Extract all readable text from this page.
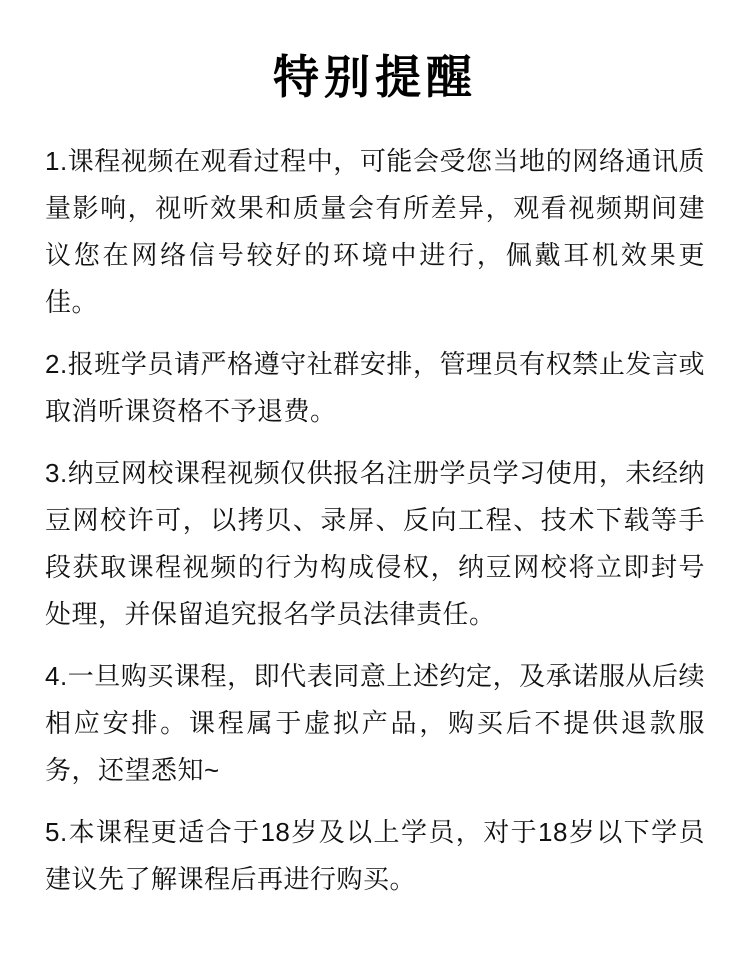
特别提醒

1.课程视频在观看过程中，可能会受您当地的网络通讯质量影响，视听效果和质量会有所差异，观看视频期间建议您在网络信号较好的环境中进行，佩戴耳机效果更佳。

2.报班学员请严格遵守社群安排，管理员有权禁止发言或取消听课资格不予退费。

3.纳豆网校课程视频仅供报名注册学员学习使用，未经纳豆网校许可，以拷贝、录屏、反向工程、技术下载等手段获取课程视频的行为构成侵权，纳豆网校将立即封号处理，并保留追究报名学员法律责任。

4.一旦购买课程，即代表同意上述约定，及承诺服从后续相应安排。课程属于虚拟产品，购买后不提供退款服务，还望悉知~

5.本课程更适合于18岁及以上学员，对于18岁以下学员建议先了解课程后再进行购买。
